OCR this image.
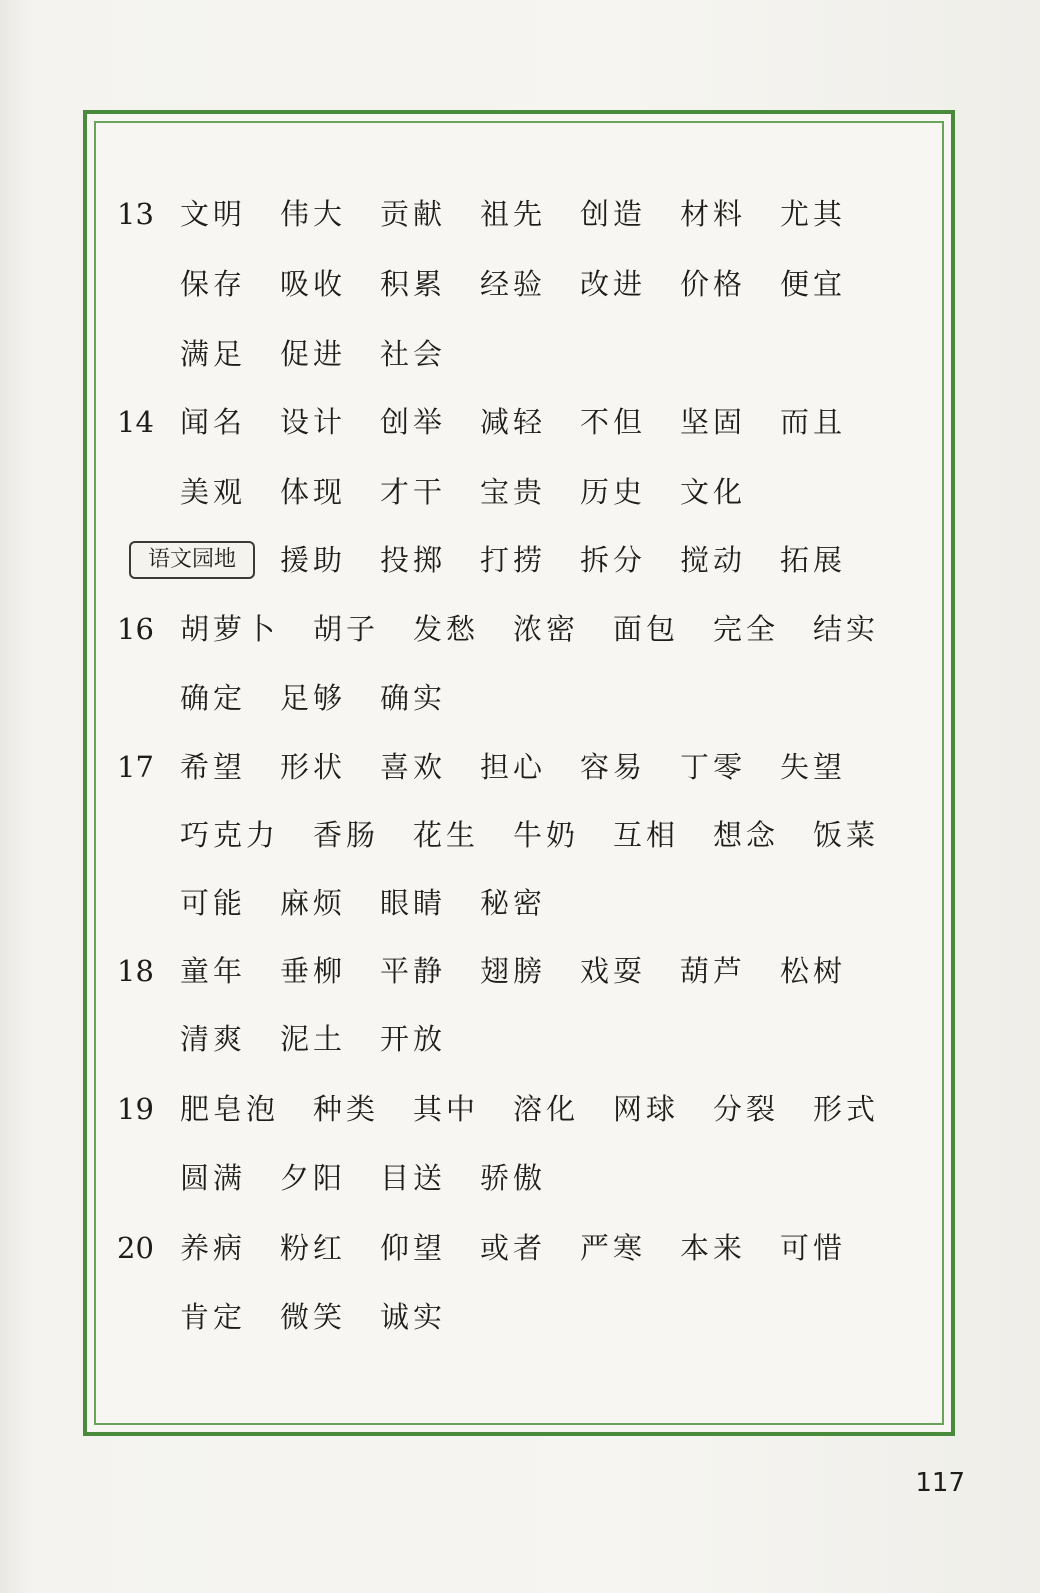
13 文明 伟大 贡献 祖先 创造 材料 尤其
保存 吸收 积累 经验 改进 价格 便宜
满足 促进 社会
14 闻名 设计 创举 减轻 不但 坚固 而且
美观 体现 才干 宝贵 历史 文化
语文园地	援助 投掷 打捞 拆分 搅动 拓展
16 胡萝卜 胡子 发愁 浓密 面包 完全 结实
确定 足够 确实
17 希望 形状 喜欢 担心 容易 丁零 失望
巧克力 香肠 花生 牛奶 互相 想念 饭菜
可能 麻烦 眼睛 秘密
18 童年 垂柳 平静 翅膀 戏耍 葫芦 松树
清爽 泥土 开放
19 肥皂泡 种类 其中 溶化 网球 分裂 形式
圆满 夕阳 目送 骄傲
20 养病 粉红 仰望 或者 严寒 本来 可惜
肯定 微笑 诚实
117
